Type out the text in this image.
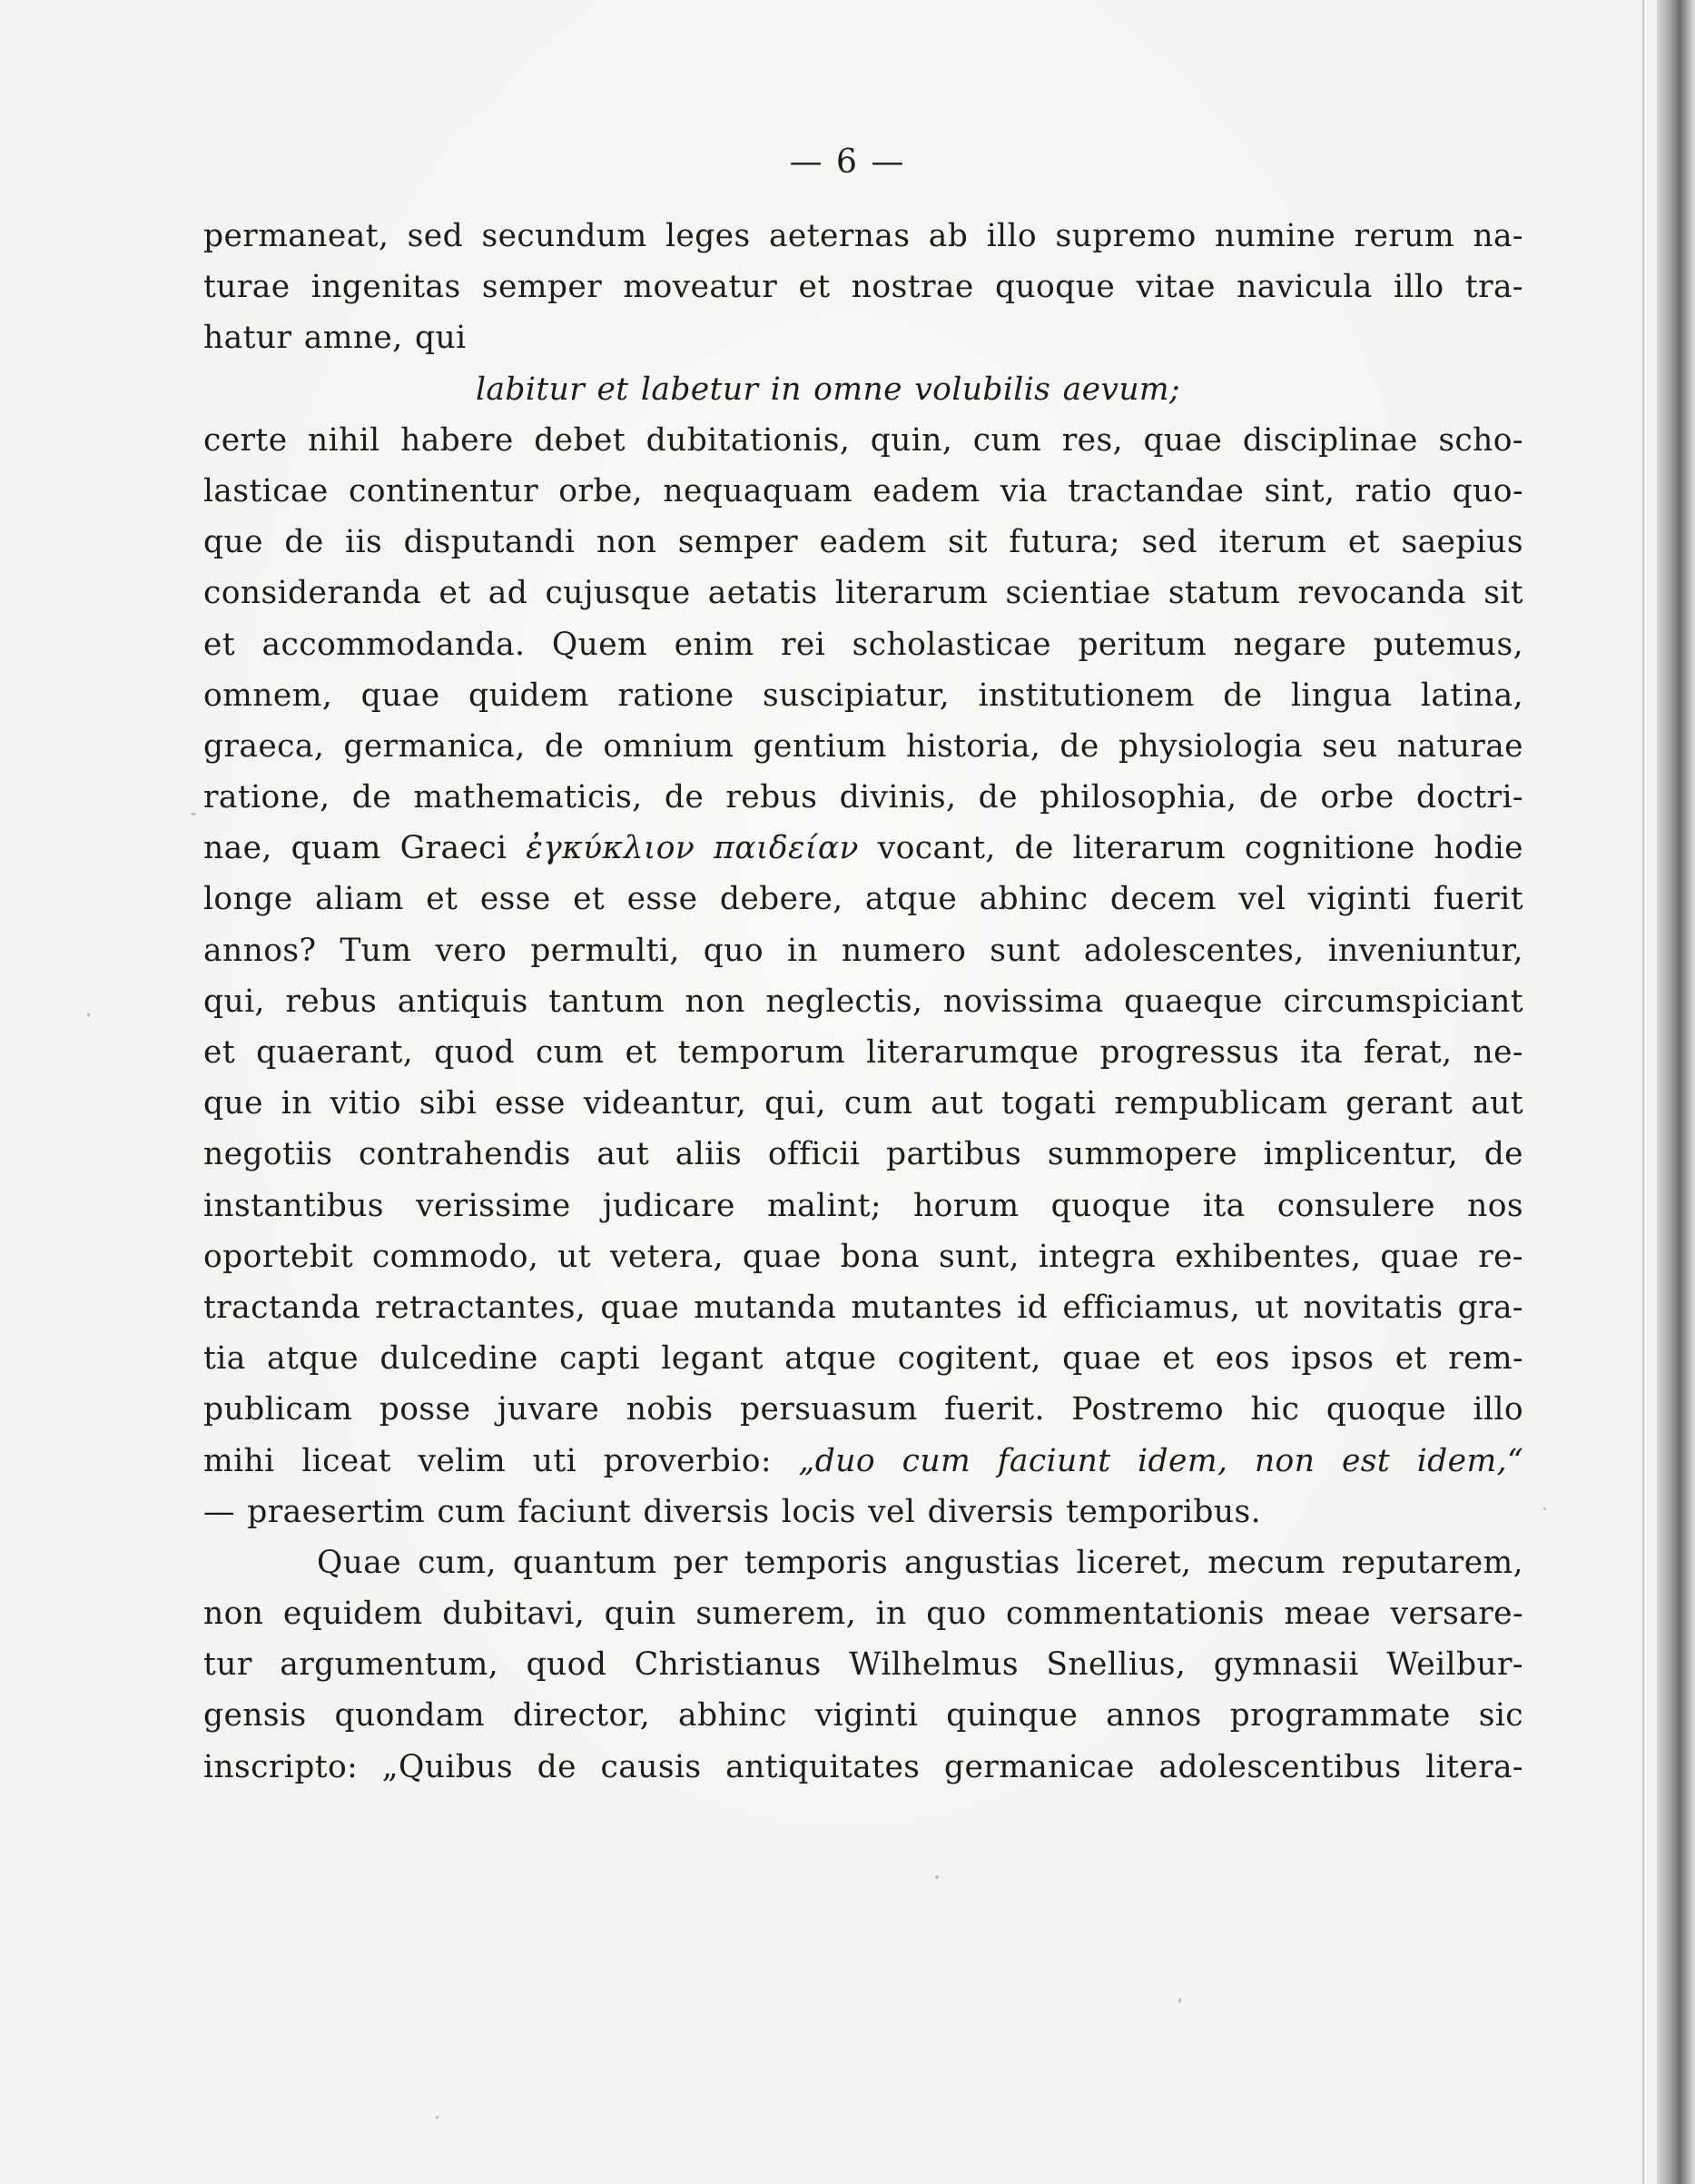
— 6 —
permaneat, sed secundum leges aeternas ab illo supremo numine rerum na-
turae ingenitas semper moveatur et nostrae quoque vitae navicula illo tra-
hatur amne, qui
labitur et labetur in omne volubilis aevum;
certe nihil habere debet dubitationis, quin, cum res, quae disciplinae scho-
lasticae continentur orbe, nequaquam eadem via tractandae sint, ratio quo-
que de iis disputandi non semper eadem sit futura; sed iterum et saepius
consideranda et ad cujusque aetatis literarum scientiae statum revocanda sit
et accommodanda. Quem enim rei scholasticae peritum negare putemus,
omnem, quae quidem ratione suscipiatur, institutionem de lingua latina,
graeca, germanica, de omnium gentium historia, de physiologia seu naturae
ratione, de mathematicis, de rebus divinis, de philosophia, de orbe doctri-
nae, quam Graeci ἐγκύκλιον παιδείαν vocant, de literarum cognitione hodie
longe aliam et esse et esse debere, atque abhinc decem vel viginti fuerit
annos? Tum vero permulti, quo in numero sunt adolescentes, inveniuntur,
qui, rebus antiquis tantum non neglectis, novissima quaeque circumspiciant
et quaerant, quod cum et temporum literarumque progressus ita ferat, ne-
que in vitio sibi esse videantur, qui, cum aut togati rempublicam gerant aut
negotiis contrahendis aut aliis officii partibus summopere implicentur, de
instantibus verissime judicare malint; horum quoque ita consulere nos
oportebit commodo, ut vetera, quae bona sunt, integra exhibentes, quae re-
tractanda retractantes, quae mutanda mutantes id efficiamus, ut novitatis gra-
tia atque dulcedine capti legant atque cogitent, quae et eos ipsos et rem-
publicam posse juvare nobis persuasum fuerit. Postremo hic quoque illo
mihi liceat velim uti proverbio: „duo cum faciunt idem, non est idem,“
— praesertim cum faciunt diversis locis vel diversis temporibus.
Quae cum, quantum per temporis angustias liceret, mecum reputarem,
non equidem dubitavi, quin sumerem, in quo commentationis meae versare-
tur argumentum, quod Christianus Wilhelmus Snellius, gymnasii Weilbur-
gensis quondam director, abhinc viginti quinque annos programmate sic
inscripto: „Quibus de causis antiquitates germanicae adolescentibus litera-
